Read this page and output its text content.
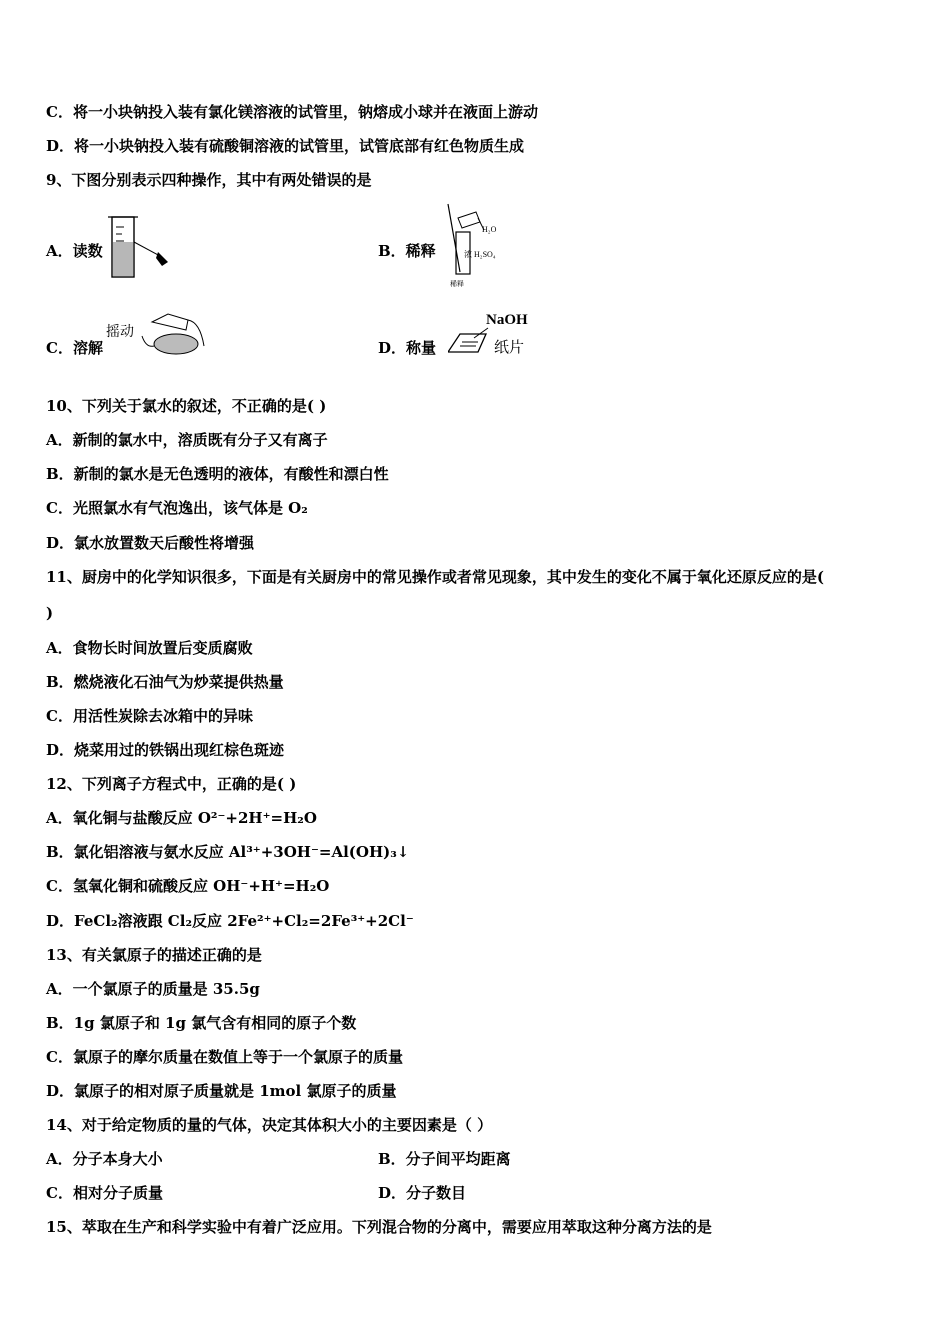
C．将一小块钠投入装有氯化镁溶液的试管里，钠熔成小球并在液面上游动
D．将一小块钠投入装有硫酸铜溶液的试管里，试管底部有红色物质生成
9、下图分别表示四种操作，其中有两处错误的是
A．读数	B．稀释
C．溶解	D．称量
H₂O
浓 H₂SO₄
稀释
摇动
NaOH
纸片
10、下列关于氯水的叙述，不正确的是( )
A．新制的氯水中，溶质既有分子又有离子
B．新制的氯水是无色透明的液体，有酸性和漂白性
C．光照氯水有气泡逸出，该气体是 O₂
D．氯水放置数天后酸性将增强
11、厨房中的化学知识很多，下面是有关厨房中的常见操作或者常见现象，其中发生的变化不属于氧化还原反应的是(
)
A．食物长时间放置后变质腐败
B．燃烧液化石油气为炒菜提供热量
C．用活性炭除去冰箱中的异味
D．烧菜用过的铁锅出现红棕色斑迹
12、下列离子方程式中，正确的是( )
A．氧化铜与盐酸反应 O²⁻+2H⁺=H₂O
B．氯化铝溶液与氨水反应 Al³⁺+3OH⁻=Al(OH)₃↓
C．氢氧化铜和硫酸反应 OH⁻+H⁺=H₂O
D．FeCl₂溶液跟 Cl₂反应 2Fe²⁺+Cl₂=2Fe³⁺+2Cl⁻
13、有关氯原子的描述正确的是
A．一个氯原子的质量是 35.5g
B．1g 氯原子和 1g 氯气含有相同的原子个数
C．氯原子的摩尔质量在数值上等于一个氯原子的质量
D．氯原子的相对原子质量就是 1mol 氯原子的质量
14、对于给定物质的量的气体，决定其体积大小的主要因素是（ ）
A．分子本身大小	B．分子间平均距离
C．相对分子质量	D．分子数目
15、萃取在生产和科学实验中有着广泛应用。下列混合物的分离中，需要应用萃取这种分离方法的是
